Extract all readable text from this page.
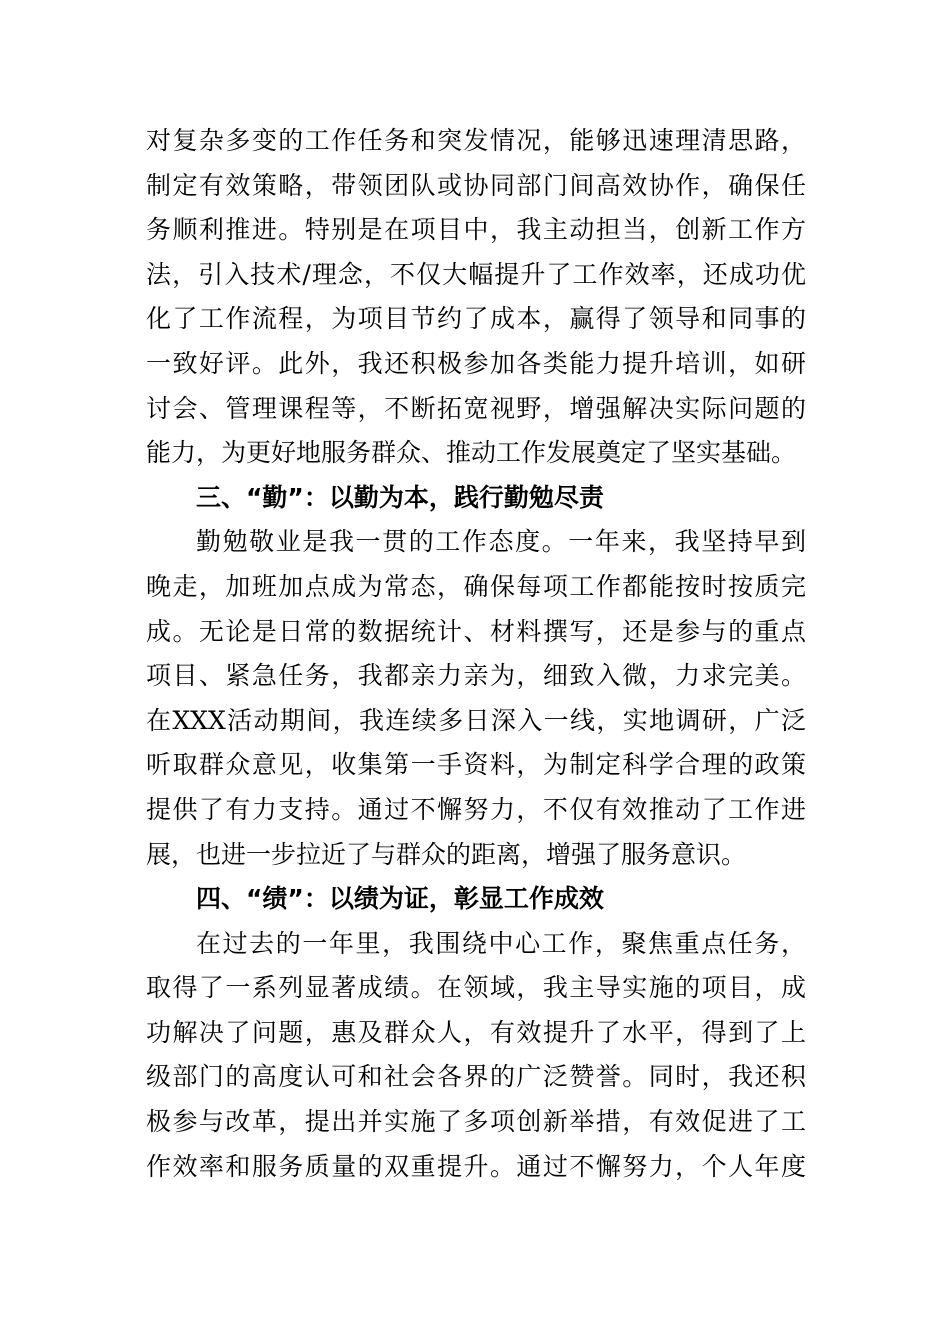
对复杂多变的工作任务和突发情况，能够迅速理清思路，
制定有效策略，带领团队或协同部门间高效协作，确保任
务顺利推进。特别是在项目中，我主动担当，创新工作方
法，引入技术/理念，不仅大幅提升了工作效率，还成功优
化了工作流程，为项目节约了成本，赢得了领导和同事的
一致好评。此外，我还积极参加各类能力提升培训，如研
讨会、管理课程等，不断拓宽视野，增强解决实际问题的
能力，为更好地服务群众、推动工作发展奠定了坚实基础。
三、“勤”：以勤为本，践行勤勉尽责
勤勉敬业是我一贯的工作态度。一年来，我坚持早到
晚走，加班加点成为常态，确保每项工作都能按时按质完
成。无论是日常的数据统计、材料撰写，还是参与的重点
项目、紧急任务，我都亲力亲为，细致入微，力求完美。
在XXX活动期间，我连续多日深入一线，实地调研，广泛
听取群众意见，收集第一手资料，为制定科学合理的政策
提供了有力支持。通过不懈努力，不仅有效推动了工作进
展，也进一步拉近了与群众的距离，增强了服务意识。
四、“绩”：以绩为证，彰显工作成效
在过去的一年里，我围绕中心工作，聚焦重点任务，
取得了一系列显著成绩。在领域，我主导实施的项目，成
功解决了问题，惠及群众人，有效提升了水平，得到了上
级部门的高度认可和社会各界的广泛赞誉。同时，我还积
极参与改革，提出并实施了多项创新举措，有效促进了工
作效率和服务质量的双重提升。通过不懈努力，个人年度
